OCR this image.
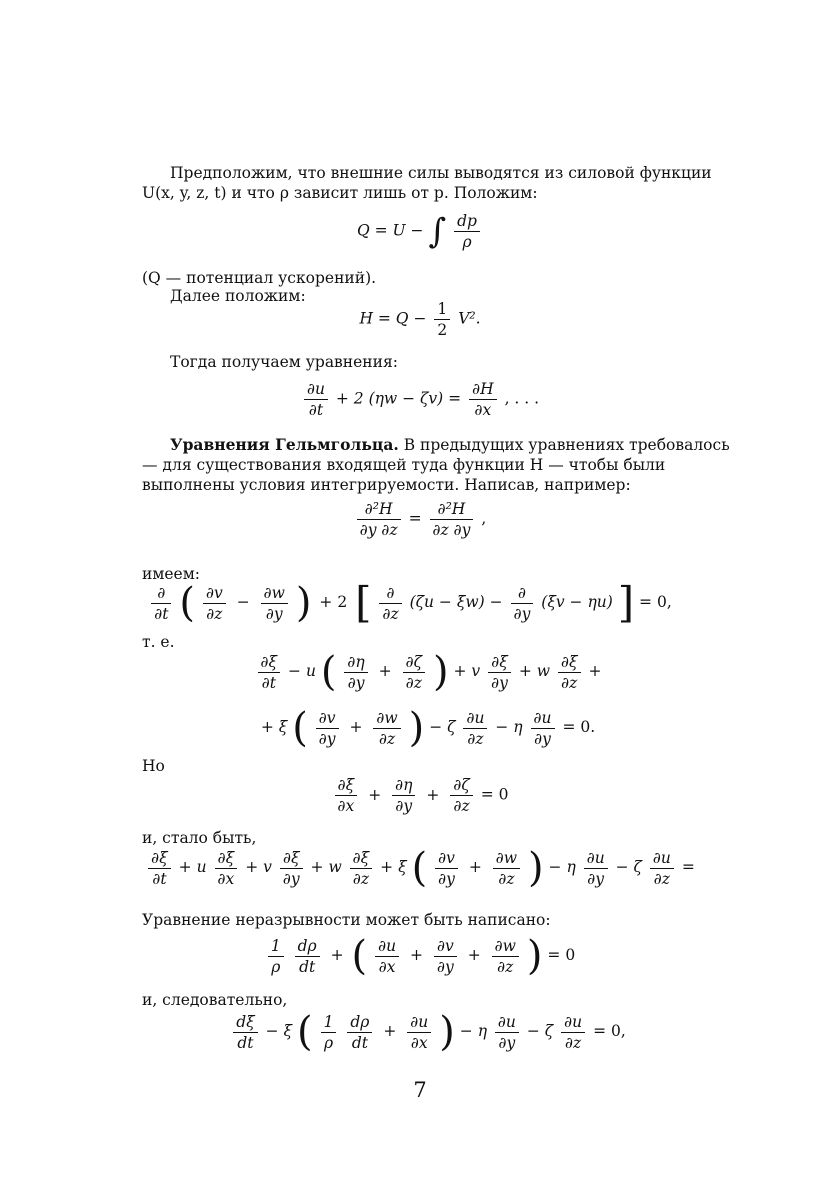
Предположим, что внешние силы выводятся из силовой функции U(x, y, z, t) и что ρ зависит лишь от p. Положим:
Q = U − ∫ $\frac{dp}{\rho}$
(Q — потенциал ускорений).
Далее положим:
$H = Q - \frac{1}{2} V^2$.
Тогда получаем уравнения:
$\frac{\partial u}{\partial t} + 2$ $(\eta w - \zeta v) = \frac{\partial H}{\partial x}$ , . . .
Уравнения Гельмгольца. В предыдущих уравнениях требовалось — для существования входящей туда функции H — чтобы были выполнены условия интегрируемости. Написав, например:
$\frac{\text{∂²H}}{\partial y \partial z} = \frac{\text{∂²H}}{\partial z \partial y}$ ,
имеем:
$\frac{\partial}{\partial t}$ ( $\frac{\partial v}{\partial z} - \frac{\partial w}{\partial y}$ ) + 2 [ $\frac{\partial}{\partial z} (\zeta u - \xi w) - \frac{\partial}{\partial y} (\xi v - \eta u)$ ] = 0,
т. е.
$\frac{\partial\xi}{\partial t} - u$ ( $\frac{\partial\eta}{\partial y} + \frac{\partial\zeta}{\partial z}$ ) + v $\frac{\partial\xi}{\partial y} + w \frac{\partial\xi}{\partial z}$ +
+ ξ ( $\frac{\partial v}{\partial y} + \frac{\partial w}{\partial z}$ ) − ζ $\frac{\partial u}{\partial z} - \eta \frac{\partial u}{\partial y} = 0$.
Но
$\frac{\partial\xi}{\partial x} + \frac{\partial\eta}{\partial y} + \frac{\partial\zeta}{\partial z} = 0$
и, стало быть,
$\frac{\partial\xi}{\partial t} + u \frac{\partial\xi}{\partial x} + v \frac{\partial\xi}{\partial y} + w \frac{\partial\xi}{\partial z} + \xi$ ( $\frac{\partial v}{\partial y} + \frac{\partial w}{\partial z}$ ) − η $\frac{\partial u}{\partial y} - \zeta \frac{\partial u}{\partial z}$ =
Уравнение неразрывности может быть написано:
$\frac{1}{\rho}$
$\frac{d\rho}{dt}$ + ( $\frac{\partial u}{\partial x} + \frac{\partial v}{\partial y} + \frac{\partial w}{\partial z}$ ) = 0
и, следовательно,
$\frac{d\xi}{dt} - \xi$ ( $\frac{1}{\rho}$
$\frac{d\rho}{dt} + \frac{\partial u}{\partial x}$ ) − η $\frac{\partial u}{\partial y} - \zeta \frac{\partial u}{\partial z} = 0$,
7
